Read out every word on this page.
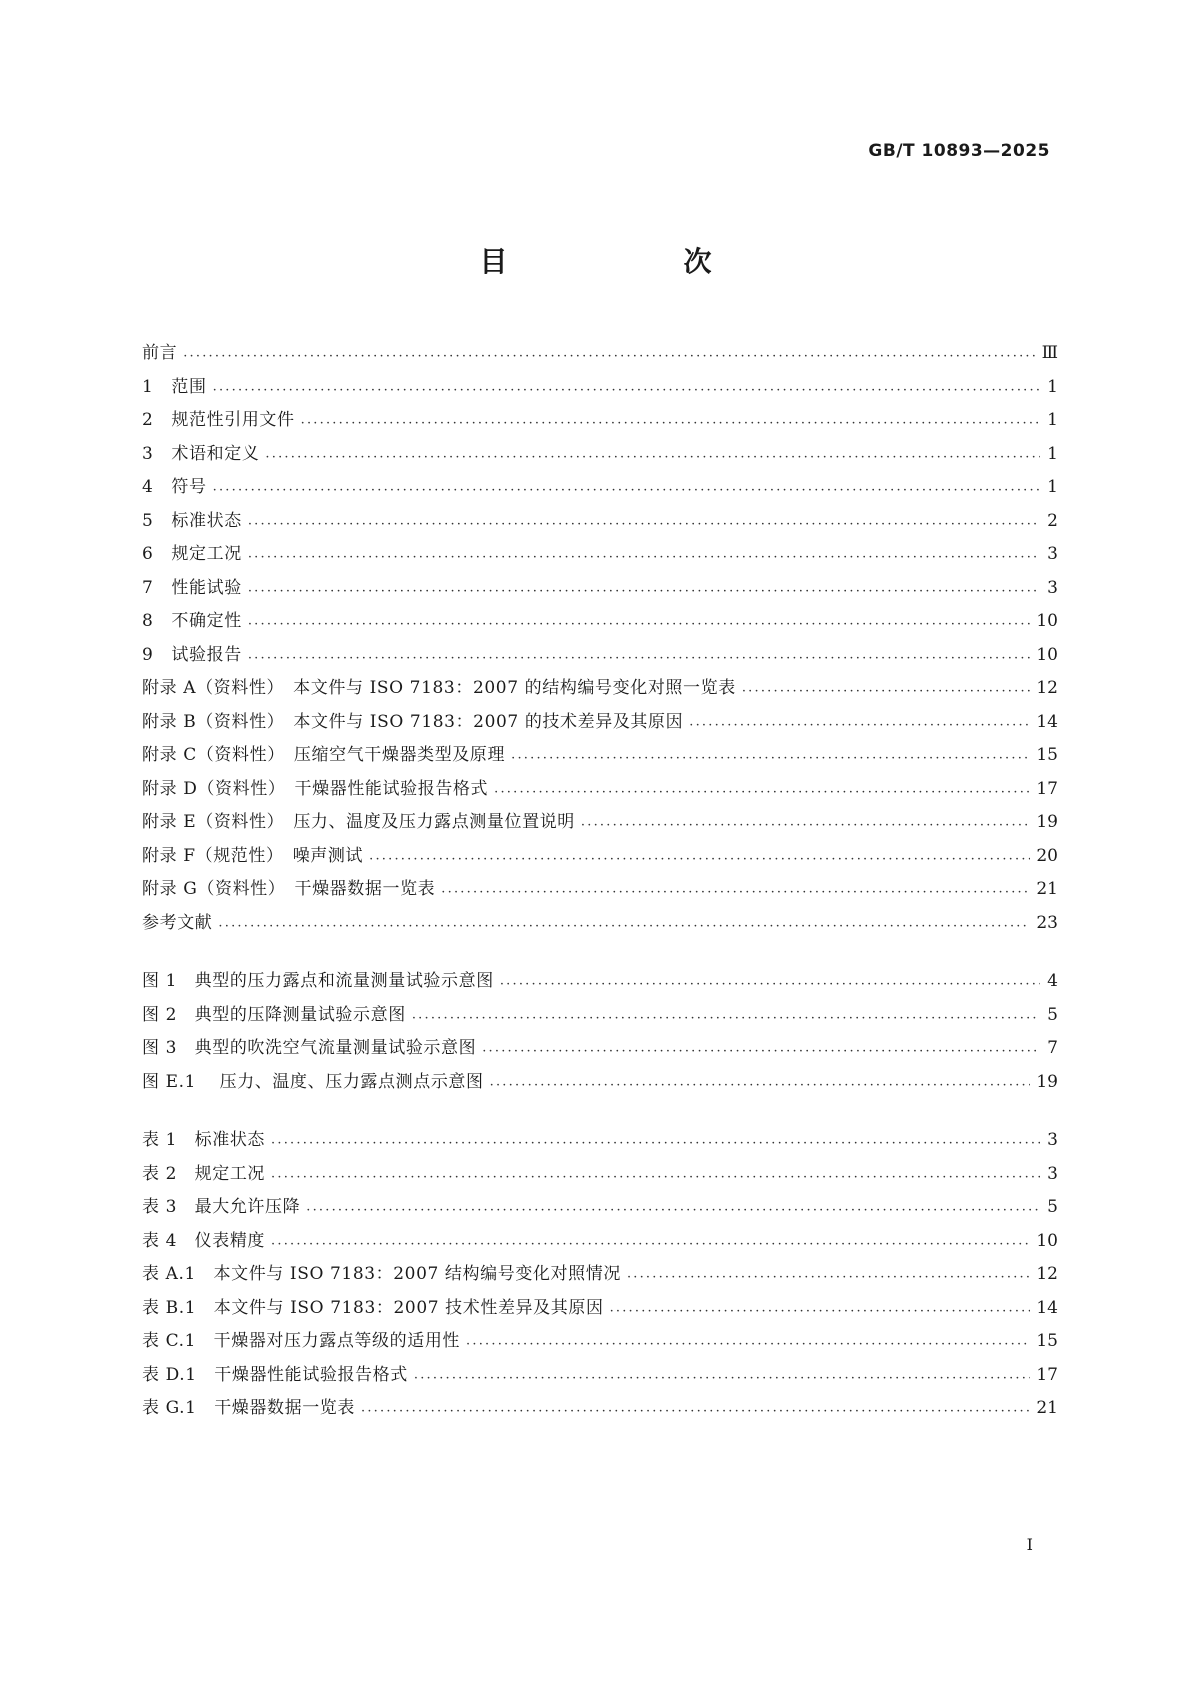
GB/T 10893—2025
目　　次
前言 ·····	Ⅲ
1 范围 ·····	1
2 规范性引用文件 ·····	1
3 术语和定义 ·····	1
4 符号 ·····	1
5 标准状态 ·····	2
6 规定工况 ·····	3
7 性能试验 ·····	3
8 不确定性 ·····	10
9 试验报告 ·····	10
附录 A（资料性）　本文件与 ISO 7183：2007 的结构编号变化对照一览表 ·····	12
附录 B（资料性）　本文件与 ISO 7183：2007 的技术差异及其原因 ·····	14
附录 C（资料性）　压缩空气干燥器类型及原理 ·····	15
附录 D（资料性）　干燥器性能试验报告格式 ·····	17
附录 E（资料性）　压力、温度及压力露点测量位置说明 ·····	19
附录 F（规范性）　噪声测试 ·····	20
附录 G（资料性）　干燥器数据一览表 ·····	21
参考文献 ·····	23
图 1　典型的压力露点和流量测量试验示意图 ·····	4
图 2　典型的压降测量试验示意图 ·····	5
图 3　典型的吹洗空气流量测量试验示意图 ·····	7
图 E.1　 压力、温度、压力露点测点示意图 ·····	19
表 1　标准状态 ·····	3
表 2　规定工况 ·····	3
表 3　最大允许压降 ·····	5
表 4　仪表精度 ·····	10
表 A.1　本文件与 ISO 7183：2007 结构编号变化对照情况 ·····	12
表 B.1　本文件与 ISO 7183：2007 技术性差异及其原因 ·····	14
表 C.1　干燥器对压力露点等级的适用性 ·····	15
表 D.1　干燥器性能试验报告格式 ·····	17
表 G.1　干燥器数据一览表 ·····	21
Ⅰ
